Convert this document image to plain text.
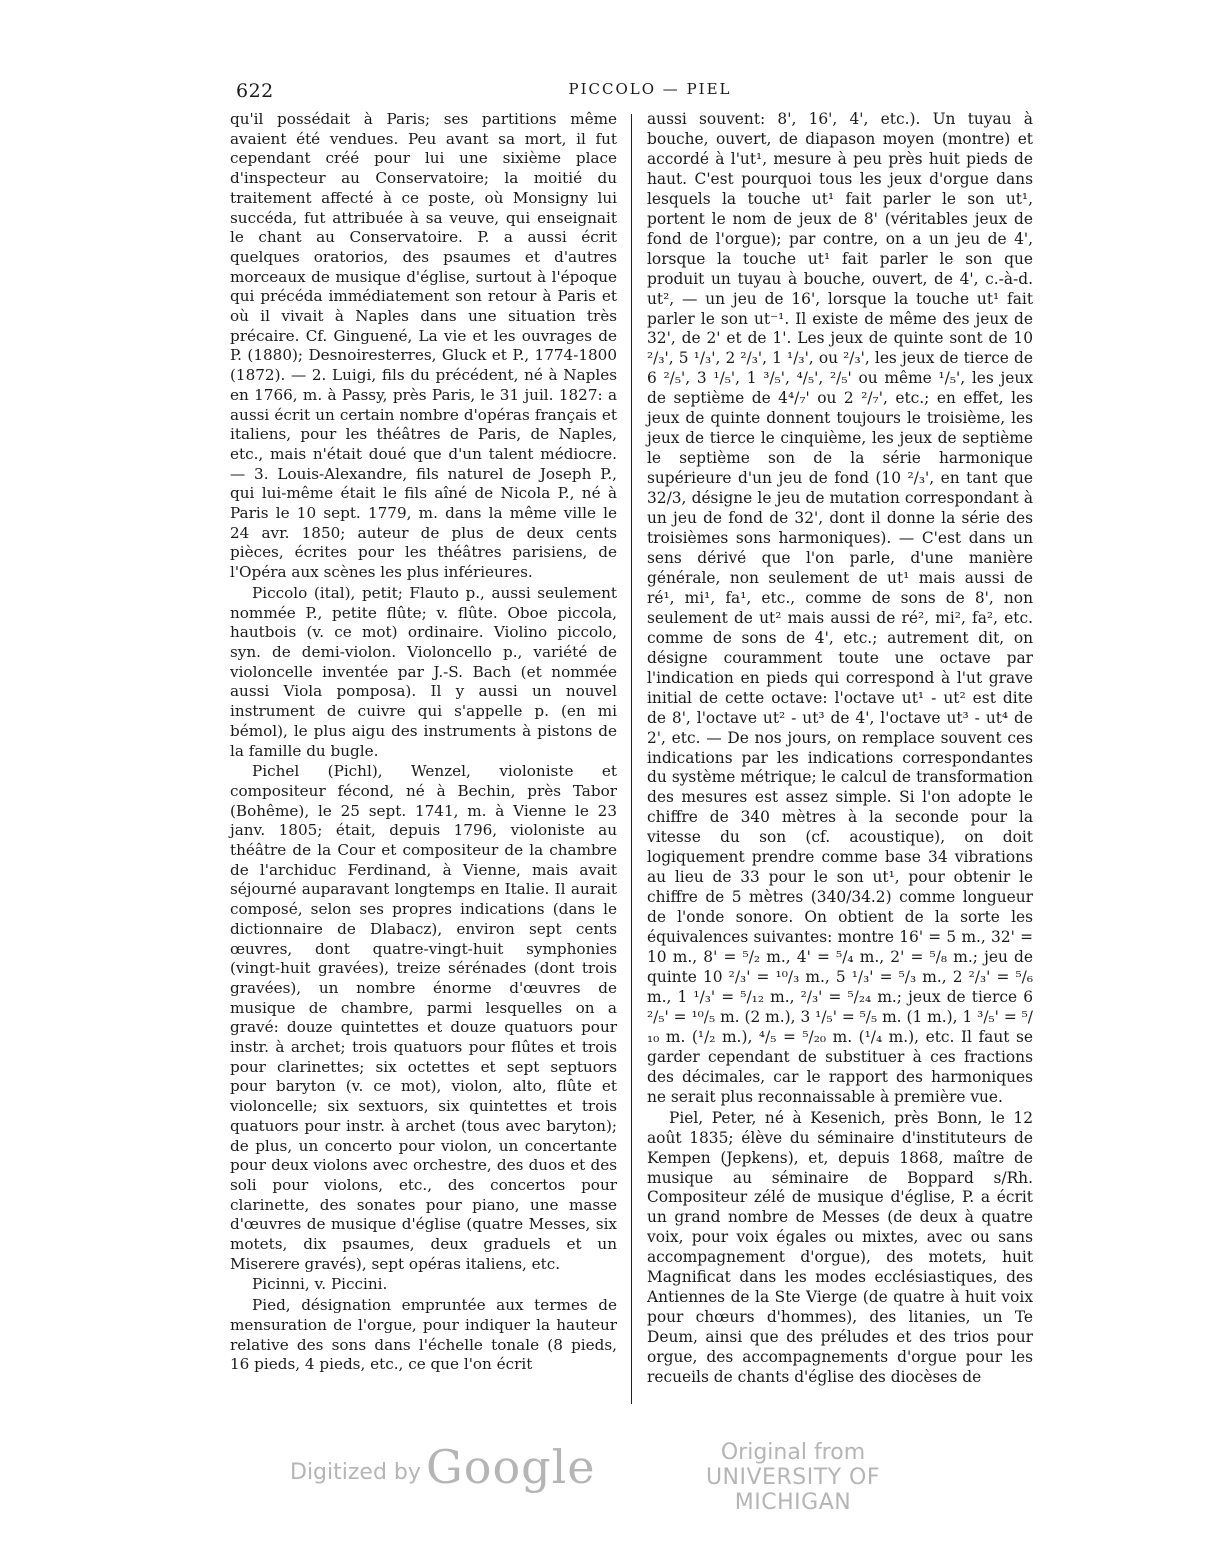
622	PICCOLO — PIEL

qu'il possédait à Paris; ses partitions même avaient été vendues. Peu avant sa mort, il fut cependant créé pour lui une sixième place d'inspecteur au Conservatoire; la moitié du traitement affecté à ce poste, où Monsigny lui succéda, fut attribuée à sa veuve, qui enseignait le chant au Conservatoire. P. a aussi écrit quelques oratorios, des psaumes et d'autres morceaux de musique d'église, surtout à l'époque qui précéda immédiatement son retour à Paris et où il vivait à Naples dans une situation très précaire. Cf. Ginguené, La vie et les ouvrages de P. (1880); Desnoiresterres, Gluck et P., 1774-1800 (1872). — 2. Luigi, fils du précédent, né à Naples en 1766, m. à Passy, près Paris, le 31 juil. 1827: a aussi écrit un certain nombre d'opéras français et italiens, pour les théâtres de Paris, de Naples, etc., mais n'était doué que d'un talent médiocre. — 3. Louis-Alexandre, fils naturel de Joseph P., qui lui-même était le fils aîné de Nicola P., né à Paris le 10 sept. 1779, m. dans la même ville le 24 avr. 1850; auteur de plus de deux cents pièces, écrites pour les théâtres parisiens, de l'Opéra aux scènes les plus inférieures.

Piccolo (ital), petit; Flauto p., aussi seulement nommée P., petite flûte; v. flûte. Oboe piccola, hautbois (v. ce mot) ordinaire. Violino piccolo, syn. de demi-violon. Violoncello p., variété de violoncelle inventée par J.-S. Bach (et nommée aussi Viola pomposa). Il y aussi un nouvel instrument de cuivre qui s'appelle p. (en mi bémol), le plus aigu des instruments à pistons de la famille du bugle.

Pichel (Pichl), Wenzel, violoniste et compositeur fécond, né à Bechin, près Tabor (Bohême), le 25 sept. 1741, m. à Vienne le 23 janv. 1805; était, depuis 1796, violoniste au théâtre de la Cour et compositeur de la chambre de l'archiduc Ferdinand, à Vienne, mais avait séjourné auparavant longtemps en Italie. Il aurait composé, selon ses propres indications (dans le dictionnaire de Dlabacz), environ sept cents œuvres, dont quatre-vingt-huit symphonies (vingt-huit gravées), treize sérénades (dont trois gravées), un nombre énorme d'œuvres de musique de chambre, parmi lesquelles on a gravé: douze quintettes et douze quatuors pour instr. à archet; trois quatuors pour flûtes et trois pour clarinettes; six octettes et sept septuors pour baryton (v. ce mot), violon, alto, flûte et violoncelle; six sextuors, six quintettes et trois quatuors pour instr. à archet (tous avec baryton); de plus, un concerto pour violon, un concertante pour deux violons avec orchestre, des duos et des soli pour violons, etc., des concertos pour clarinette, des sonates pour piano, une masse d'œuvres de musique d'église (quatre Messes, six motets, dix psaumes, deux graduels et un Miserere gravés), sept opéras italiens, etc.

Picinni, v. Piccini.

Pied, désignation empruntée aux termes de mensuration de l'orgue, pour indiquer la hauteur relative des sons dans l'échelle tonale (8 pieds, 16 pieds, 4 pieds, etc., ce que l'on écrit

aussi souvent: 8', 16', 4', etc.). Un tuyau à bouche, ouvert, de diapason moyen (montre) et accordé à l'ut¹, mesure à peu près huit pieds de haut. C'est pourquoi tous les jeux d'orgue dans lesquels la touche ut¹ fait parler le son ut¹, portent le nom de jeux de 8' (véritables jeux de fond de l'orgue); par contre, on a un jeu de 4', lorsque la touche ut¹ fait parler le son que produit un tuyau à bouche, ouvert, de 4', c.-à-d. ut², — un jeu de 16', lorsque la touche ut¹ fait parler le son ut⁻¹. Il existe de même des jeux de 32', de 2' et de 1'. Les jeux de quinte sont de 10 ²/₃', 5 ¹/₃', 2 ²/₃', 1 ¹/₃', ou ²/₃', les jeux de tierce de 6 ²/₅', 3 ¹/₅', 1 ³/₅', ⁴/₅', ²/₅' ou même ¹/₅', les jeux de septième de 4⁴/₇' ou 2 ²/₇', etc.; en effet, les jeux de quinte donnent toujours le troisième, les jeux de tierce le cinquième, les jeux de septième le septième son de la série harmonique supérieure d'un jeu de fond (10 ²/₃', en tant que 32/3, désigne le jeu de mutation correspondant à un jeu de fond de 32', dont il donne la série des troisièmes sons harmoniques). — C'est dans un sens dérivé que l'on parle, d'une manière générale, non seulement de ut¹ mais aussi de ré¹, mi¹, fa¹, etc., comme de sons de 8', non seulement de ut² mais aussi de ré², mi², fa², etc. comme de sons de 4', etc.; autrement dit, on désigne couramment toute une octave par l'indication en pieds qui correspond à l'ut grave initial de cette octave: l'octave ut¹ - ut² est dite de 8', l'octave ut² - ut³ de 4', l'octave ut³ - ut⁴ de 2', etc. — De nos jours, on remplace souvent ces indications par les indications correspondantes du système métrique; le calcul de transformation des mesures est assez simple. Si l'on adopte le chiffre de 340 mètres à la seconde pour la vitesse du son (cf. acoustique), on doit logiquement prendre comme base 34 vibrations au lieu de 33 pour le son ut¹, pour obtenir le chiffre de 5 mètres (340/34.2) comme longueur de l'onde sonore. On obtient de la sorte les équivalences suivantes: montre 16' = 5 m., 32' = 10 m., 8' = ⁵/₂ m., 4' = ⁵/₄ m., 2' = ⁵/₈ m.; jeu de quinte 10 ²/₃' = ¹⁰/₃ m., 5 ¹/₃' = ⁵/₃ m., 2 ²/₃' = ⁵/₆ m., 1 ¹/₃' = ⁵/₁₂ m., ²/₃' = ⁵/₂₄ m.; jeux de tierce 6 ²/₅' = ¹⁰/₅ m. (2 m.), 3 ¹/₅' = ⁵/₅ m. (1 m.), 1 ³/₅' = ⁵/₁₀ m. (¹/₂ m.), ⁴/₅ = ⁵/₂₀ m. (¹/₄ m.), etc. Il faut se garder cependant de substituer à ces fractions des décimales, car le rapport des harmoniques ne serait plus reconnaissable à première vue.

Piel, Peter, né à Kesenich, près Bonn, le 12 août 1835; élève du séminaire d'instituteurs de Kempen (Jepkens), et, depuis 1868, maître de musique au séminaire de Boppard s/Rh. Compositeur zélé de musique d'église, P. a écrit un grand nombre de Messes (de deux à quatre voix, pour voix égales ou mixtes, avec ou sans accompagnement d'orgue), des motets, huit Magnificat dans les modes ecclésiastiques, des Antiennes de la Ste Vierge (de quatre à huit voix pour chœurs d'hommes), des litanies, un Te Deum, ainsi que des préludes et des trios pour orgue, des accompagnements d'orgue pour les recueils de chants d'église des diocèses de

Digitized by Google	Original from
UNIVERSITY OF MICHIGAN
